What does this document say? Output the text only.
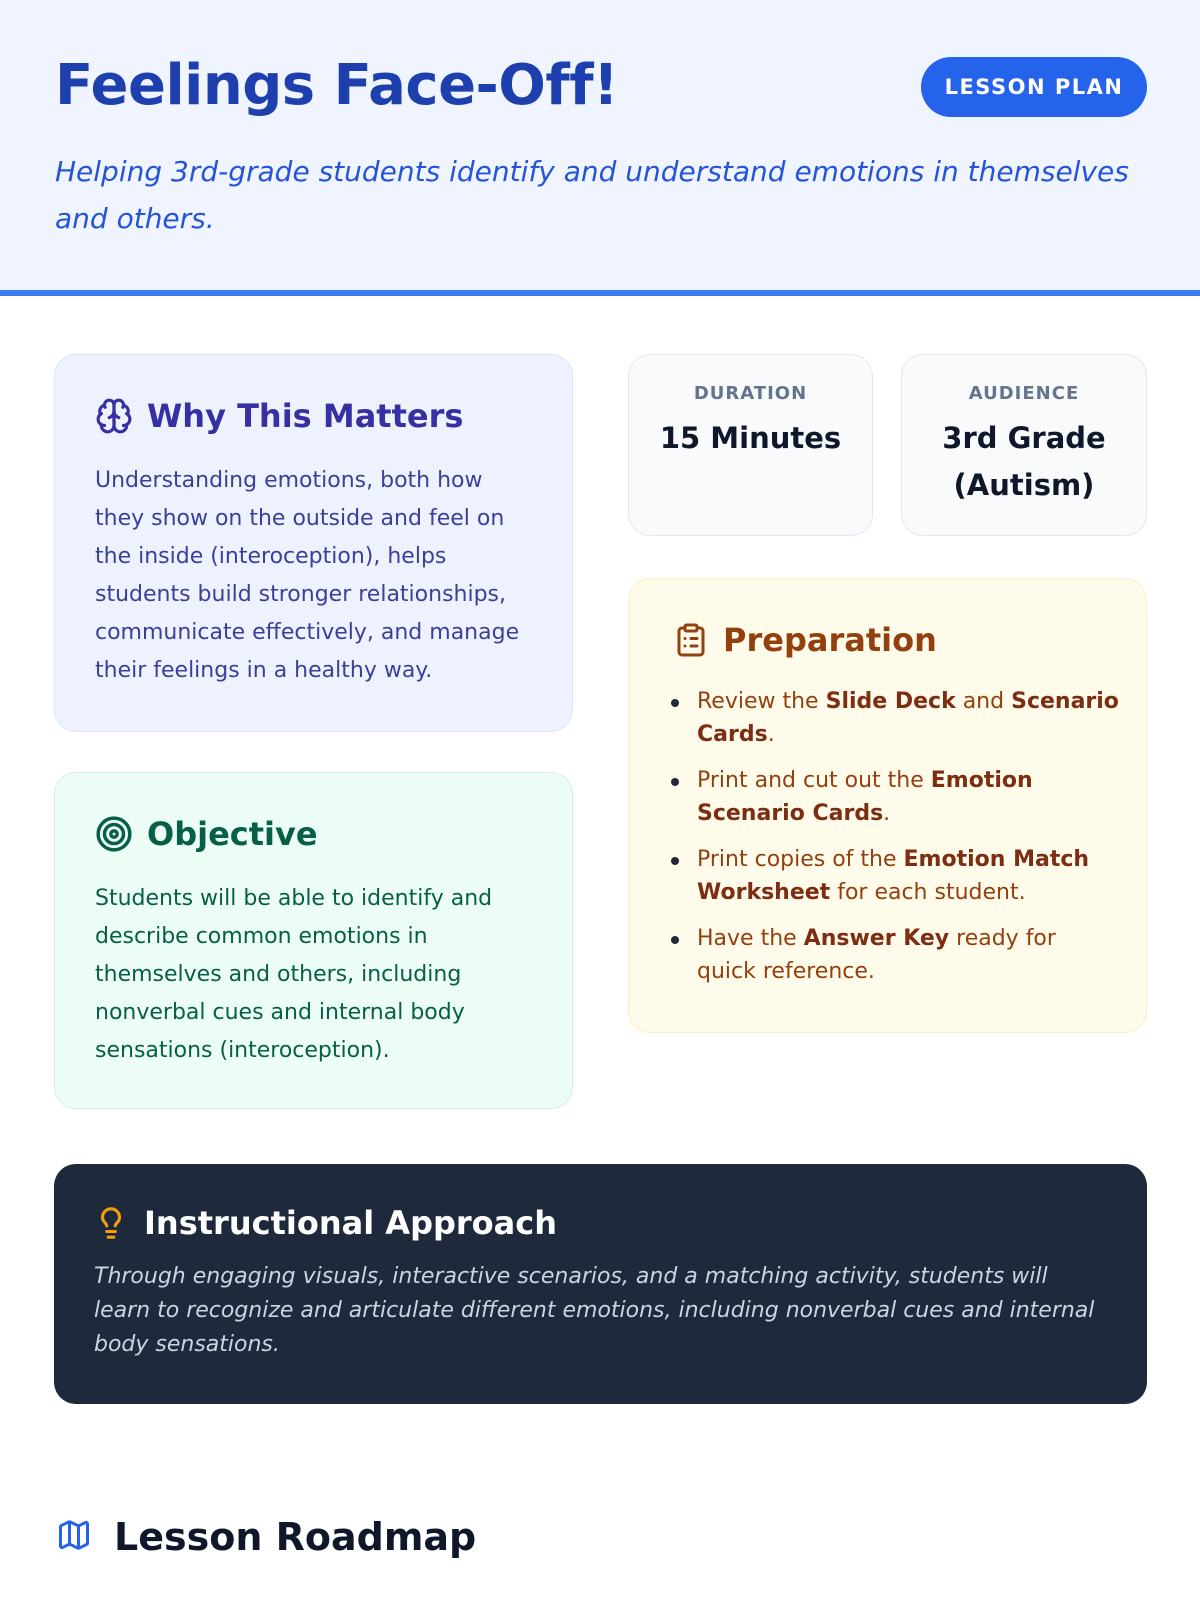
Feelings Face-Off!	LESSON PLAN

Helping 3rd-grade students identify and understand emotions in themselves and others.

Why This Matters

Understanding emotions, both how they show on the outside and feel on the inside (interoception), helps students build stronger relationships, communicate effectively, and manage their feelings in a healthy way.

Objective

Students will be able to identify and describe common emotions in themselves and others, including nonverbal cues and internal body sensations (interoception).

DURATION
15 Minutes
AUDIENCE
3rd Grade (Autism)
Preparation
Review the Slide Deck and Scenario Cards.
Print and cut out the Emotion Scenario Cards.
Print copies of the Emotion Match Worksheet for each student.
Have the Answer Key ready for quick reference.
Instructional Approach

Through engaging visuals, interactive scenarios, and a matching activity, students will learn to recognize and articulate different emotions, including nonverbal cues and internal body sensations.

Lesson Roadmap
